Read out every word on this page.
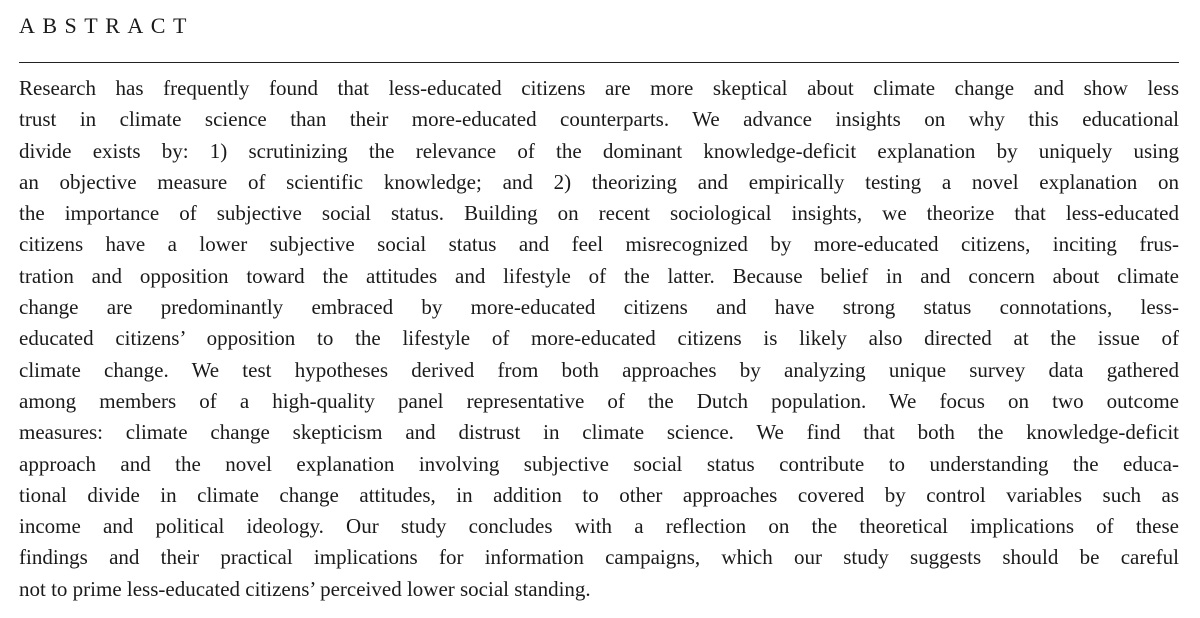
ABSTRACT
Research has frequently found that less-educated citizens are more skeptical about climate change and show less
trust in climate science than their more-educated counterparts. We advance insights on why this educational
divide exists by: 1) scrutinizing the relevance of the dominant knowledge-deficit explanation by uniquely using
an objective measure of scientific knowledge; and 2) theorizing and empirically testing a novel explanation on
the importance of subjective social status. Building on recent sociological insights, we theorize that less-educated
citizens have a lower subjective social status and feel misrecognized by more-educated citizens, inciting frus-
tration and opposition toward the attitudes and lifestyle of the latter. Because belief in and concern about climate
change are predominantly embraced by more-educated citizens and have strong status connotations, less-
educated citizens’ opposition to the lifestyle of more-educated citizens is likely also directed at the issue of
climate change. We test hypotheses derived from both approaches by analyzing unique survey data gathered
among members of a high-quality panel representative of the Dutch population. We focus on two outcome
measures: climate change skepticism and distrust in climate science. We find that both the knowledge-deficit
approach and the novel explanation involving subjective social status contribute to understanding the educa-
tional divide in climate change attitudes, in addition to other approaches covered by control variables such as
income and political ideology. Our study concludes with a reflection on the theoretical implications of these
findings and their practical implications for information campaigns, which our study suggests should be careful
not to prime less-educated citizens’ perceived lower social standing.
